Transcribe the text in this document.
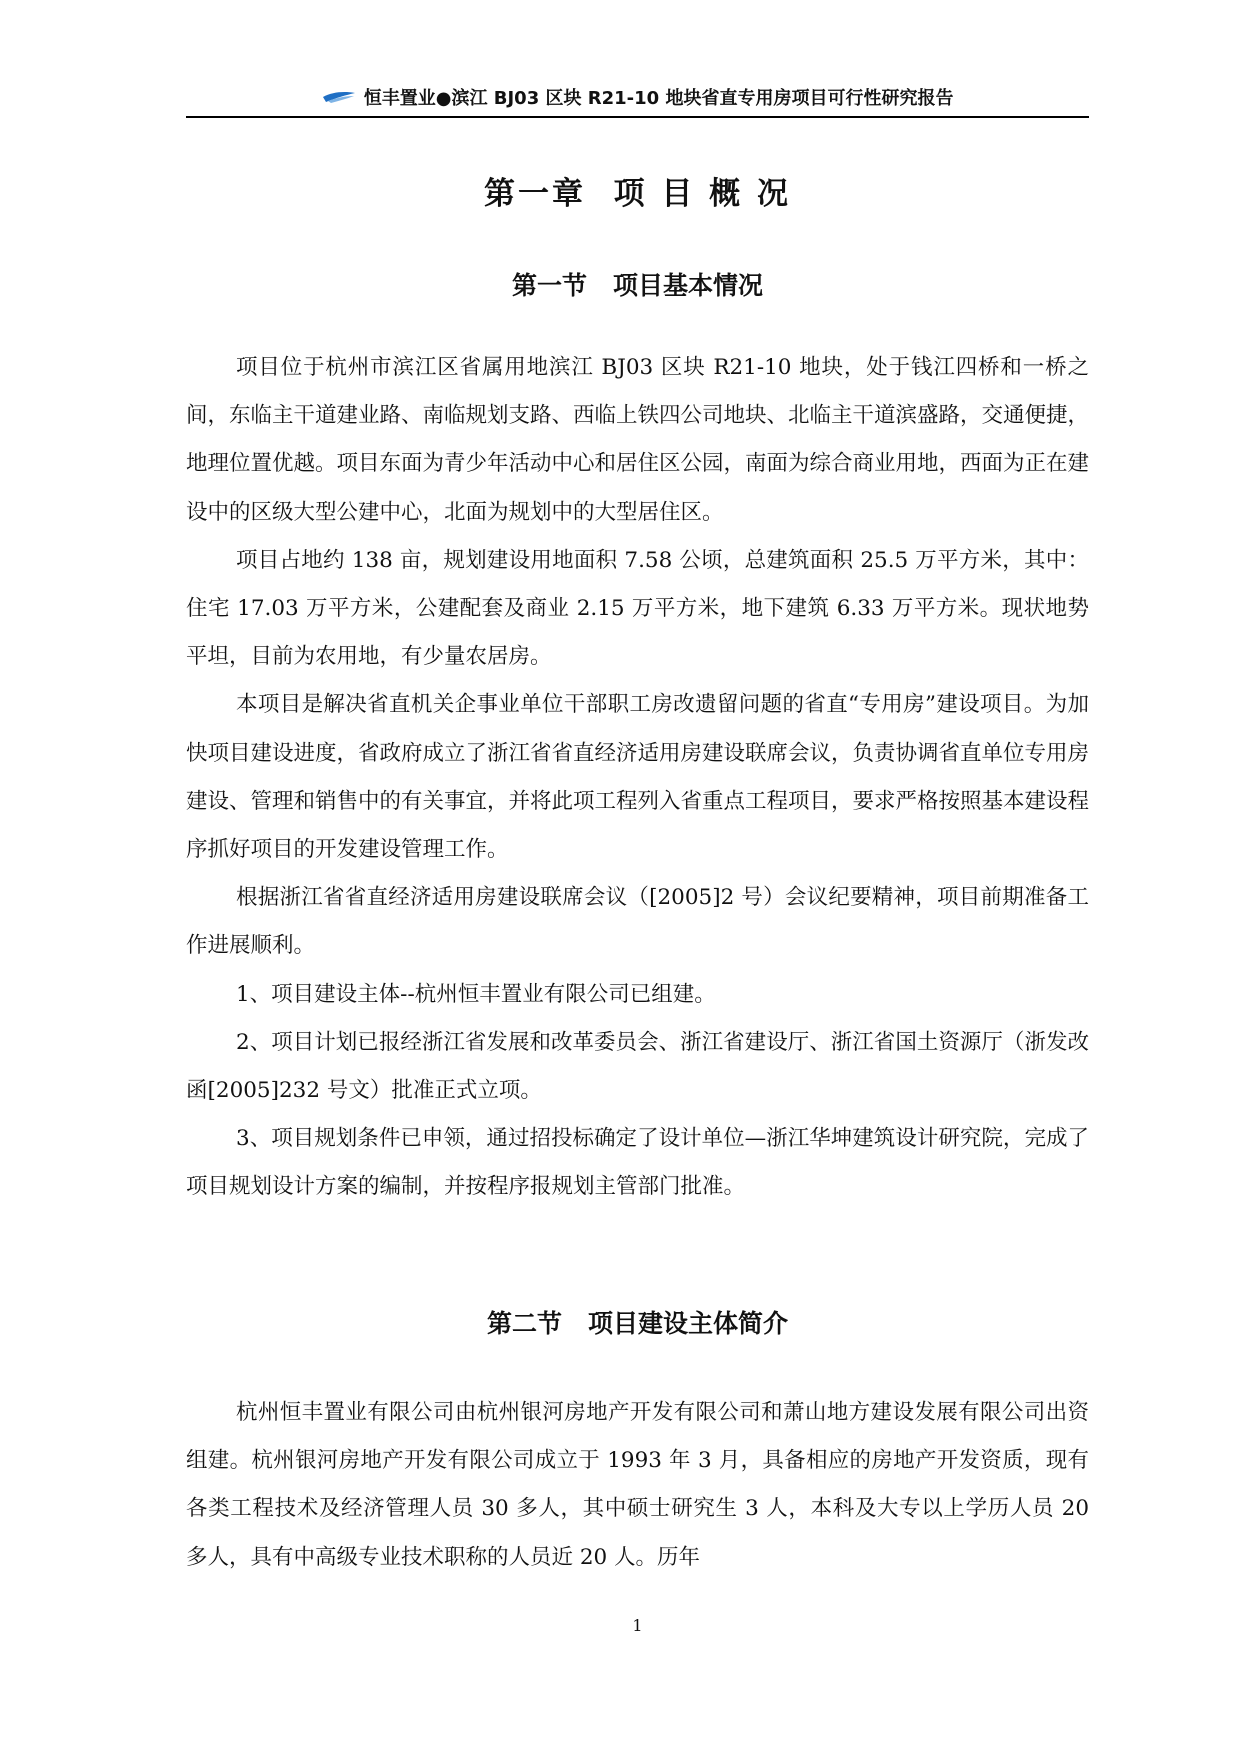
恒丰置业●滨江 BJ03 区块 R21-10 地块省直专用房项目可行性研究报告
第一章  项 目 概 况
第一节   项目基本情况

项目位于杭州市滨江区省属用地滨江 BJ03 区块 R21-10 地块，处于钱江四桥和一桥之间，东临主干道建业路、南临规划支路、西临上铁四公司地块、北临主干道滨盛路，交通便捷，地理位置优越。项目东面为青少年活动中心和居住区公园，南面为综合商业用地，西面为正在建设中的区级大型公建中心，北面为规划中的大型居住区。

项目占地约 138 亩，规划建设用地面积 7.58 公顷，总建筑面积 25.5 万平方米，其中：住宅 17.03 万平方米，公建配套及商业 2.15 万平方米，地下建筑 6.33 万平方米。现状地势平坦，目前为农用地，有少量农居房。

本项目是解决省直机关企事业单位干部职工房改遗留问题的省直“专用房”建设项目。为加快项目建设进度，省政府成立了浙江省省直经济适用房建设联席会议，负责协调省直单位专用房建设、管理和销售中的有关事宜，并将此项工程列入省重点工程项目，要求严格按照基本建设程序抓好项目的开发建设管理工作。

根据浙江省省直经济适用房建设联席会议（[2005]2 号）会议纪要精神，项目前期准备工作进展顺利。

1、项目建设主体--杭州恒丰置业有限公司已组建。

2、项目计划已报经浙江省发展和改革委员会、浙江省建设厅、浙江省国土资源厅（浙发改函[2005]232 号文）批准正式立项。

3、项目规划条件已申领，通过招投标确定了设计单位—浙江华坤建筑设计研究院，完成了项目规划设计方案的编制，并按程序报规划主管部门批准。

第二节   项目建设主体简介

杭州恒丰置业有限公司由杭州银河房地产开发有限公司和萧山地方建设发展有限公司出资组建。杭州银河房地产开发有限公司成立于 1993 年 3 月，具备相应的房地产开发资质，现有各类工程技术及经济管理人员 30 多人，其中硕士研究生 3 人，本科及大专以上学历人员 20 多人，具有中高级专业技术职称的人员近 20 人。历年

1
